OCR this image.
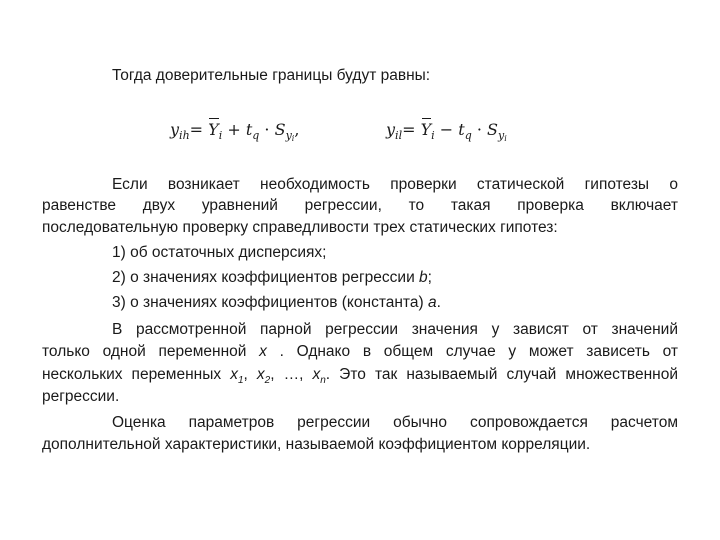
Тогда доверительные границы будут равны:
$y_{ih}= Y_i + t_q \cdot S_{y_i}$,	$y_{il}= Y_i - t_q \cdot S_{y_i}$
Если возникает необходимость проверки статической гипотезы о
равенстве двух уравнений регрессии, то такая проверка включает
последовательную проверку справедливости трех статических гипотез:
1) об остаточных дисперсиях;
2) о значениях коэффициентов регрессии b;
3) о значениях коэффициентов (константа) a.
В рассмотренной парной регрессии значения y зависят от значений
только одной переменной x . Однако в общем случае y может зависеть от
нескольких переменных $x_1$, $x_2$, …, $x_n$. Это так называемый случай множественной
регрессии.
Оценка параметров регрессии обычно сопровождается расчетом
дополнительной характеристики, называемой коэффициентом корреляции.
